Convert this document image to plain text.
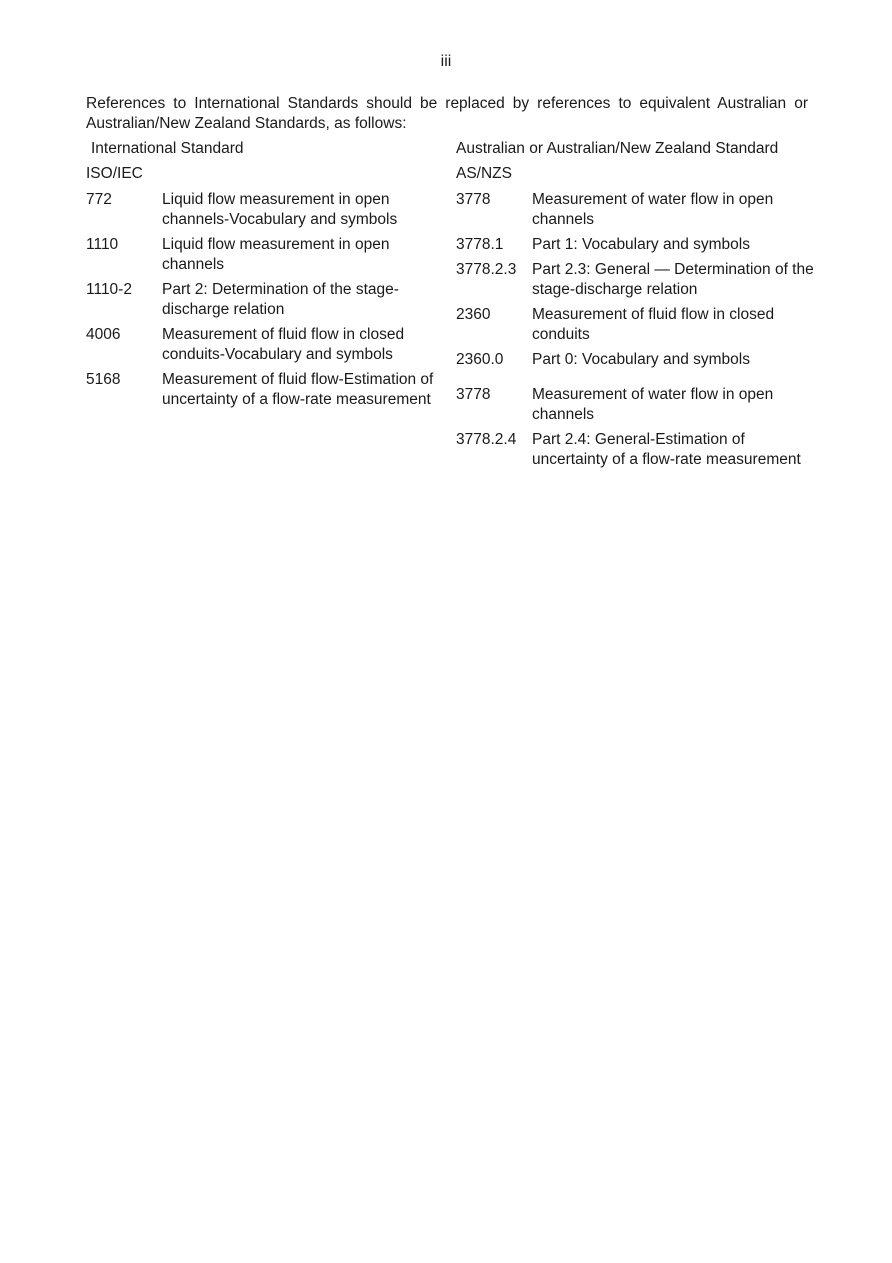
iii

References to International Standards should be replaced by references to equivalent Australian or Australian/New Zealand Standards, as follows:

International Standard
ISO/IEC
772	Liquid flow measurement in open channels-Vocabulary and symbols
1110	Liquid flow measurement in open channels
1110-2	Part 2: Determination of the stage-discharge relation
4006	Measurement of fluid flow in closed conduits-Vocabulary and symbols
5168	Measurement of fluid flow-Estimation of uncertainty of a flow-rate measurement
Australian or Australian/New Zealand Standard
AS/NZS
3778	Measurement of water flow in open channels
3778.1	Part 1: Vocabulary and symbols
3778.2.3	Part 2.3: General — Determination of the stage-discharge relation
2360	Measurement of fluid flow in closed conduits
2360.0	Part 0: Vocabulary and symbols
3778	Measurement of water flow in open channels
3778.2.4	Part 2.4: General-Estimation of uncertainty of a flow-rate measurement
